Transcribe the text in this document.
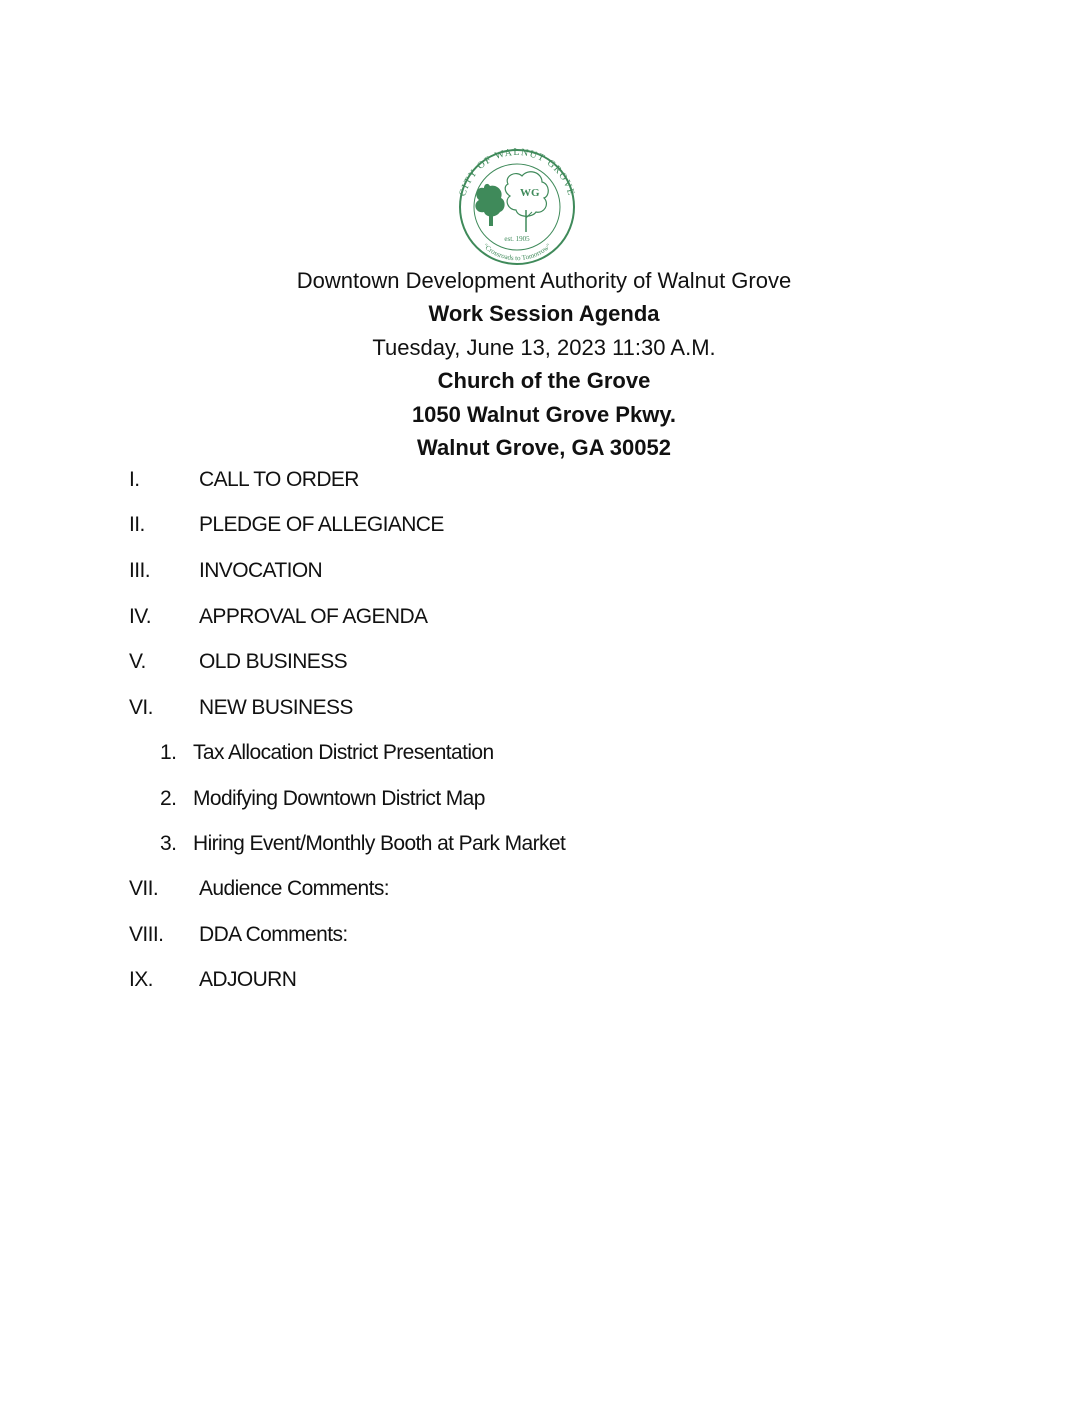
CITY OF WALNUT GROVE
"Crossroads to Tomorrow"
WG
est. 1905
Downtown Development Authority of Walnut Grove
Work Session Agenda
Tuesday, June 13, 2023 11:30 A.M.
Church of the Grove
1050 Walnut Grove Pkwy.
Walnut Grove, GA 30052
I.	CALL TO ORDER
II.	PLEDGE OF ALLEGIANCE
III. INVOCATION
IV. APPROVAL OF AGENDA
V.	OLD BUSINESS
VI. NEW BUSINESS
1. Tax Allocation District Presentation
2. Modifying Downtown District Map
3. Hiring Event/Monthly Booth at Park Market
VII. Audience Comments:
VIII. DDA Comments:
IX. ADJOURN
